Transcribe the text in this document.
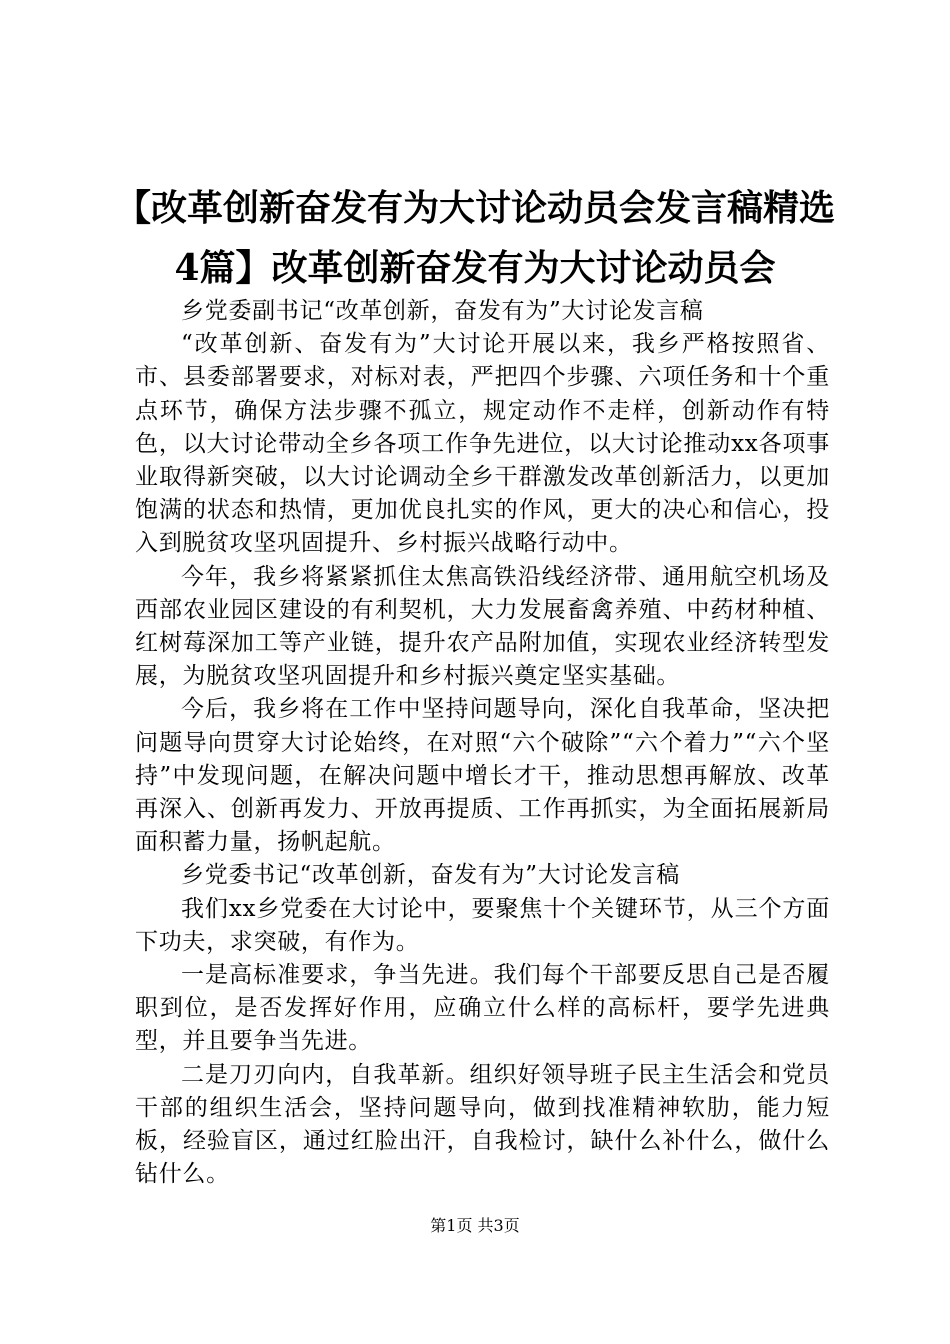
【改革创新奋发有为大讨论动员会发言稿精选
4篇】改革创新奋发有为大讨论动员会

乡党委副书记“改革创新，奋发有为”大讨论发言稿

“改革创新、奋发有为”大讨论开展以来，我乡严格按照省、市、县委部署要求，对标对表，严把四个步骤、六项任务和十个重点环节，确保方法步骤不孤立，规定动作不走样，创新动作有特色，以大讨论带动全乡各项工作争先进位，以大讨论推动xx各项事业取得新突破，以大讨论调动全乡干群激发改革创新活力，以更加饱满的状态和热情，更加优良扎实的作风，更大的决心和信心，投入到脱贫攻坚巩固提升、乡村振兴战略行动中。

今年，我乡将紧紧抓住太焦高铁沿线经济带、通用航空机场及西部农业园区建设的有利契机，大力发展畜禽养殖、中药材种植、红树莓深加工等产业链，提升农产品附加值，实现农业经济转型发展，为脱贫攻坚巩固提升和乡村振兴奠定坚实基础。

今后，我乡将在工作中坚持问题导向，深化自我革命，坚决把问题导向贯穿大讨论始终，在对照“六个破除”“六个着力”“六个坚持”中发现问题，在解决问题中增长才干，推动思想再解放、改革再深入、创新再发力、开放再提质、工作再抓实，为全面拓展新局面积蓄力量，扬帆起航。

乡党委书记“改革创新，奋发有为”大讨论发言稿

我们xx乡党委在大讨论中，要聚焦十个关键环节，从三个方面下功夫，求突破，有作为。

一是高标准要求，争当先进。我们每个干部要反思自己是否履职到位，是否发挥好作用，应确立什么样的高标杆，要学先进典型，并且要争当先进。

二是刀刃向内，自我革新。组织好领导班子民主生活会和党员干部的组织生活会，坚持问题导向，做到找准精神软肋，能力短板，经验盲区，通过红脸出汗，自我检讨，缺什么补什么，做什么钻什么。

第1页 共3页
